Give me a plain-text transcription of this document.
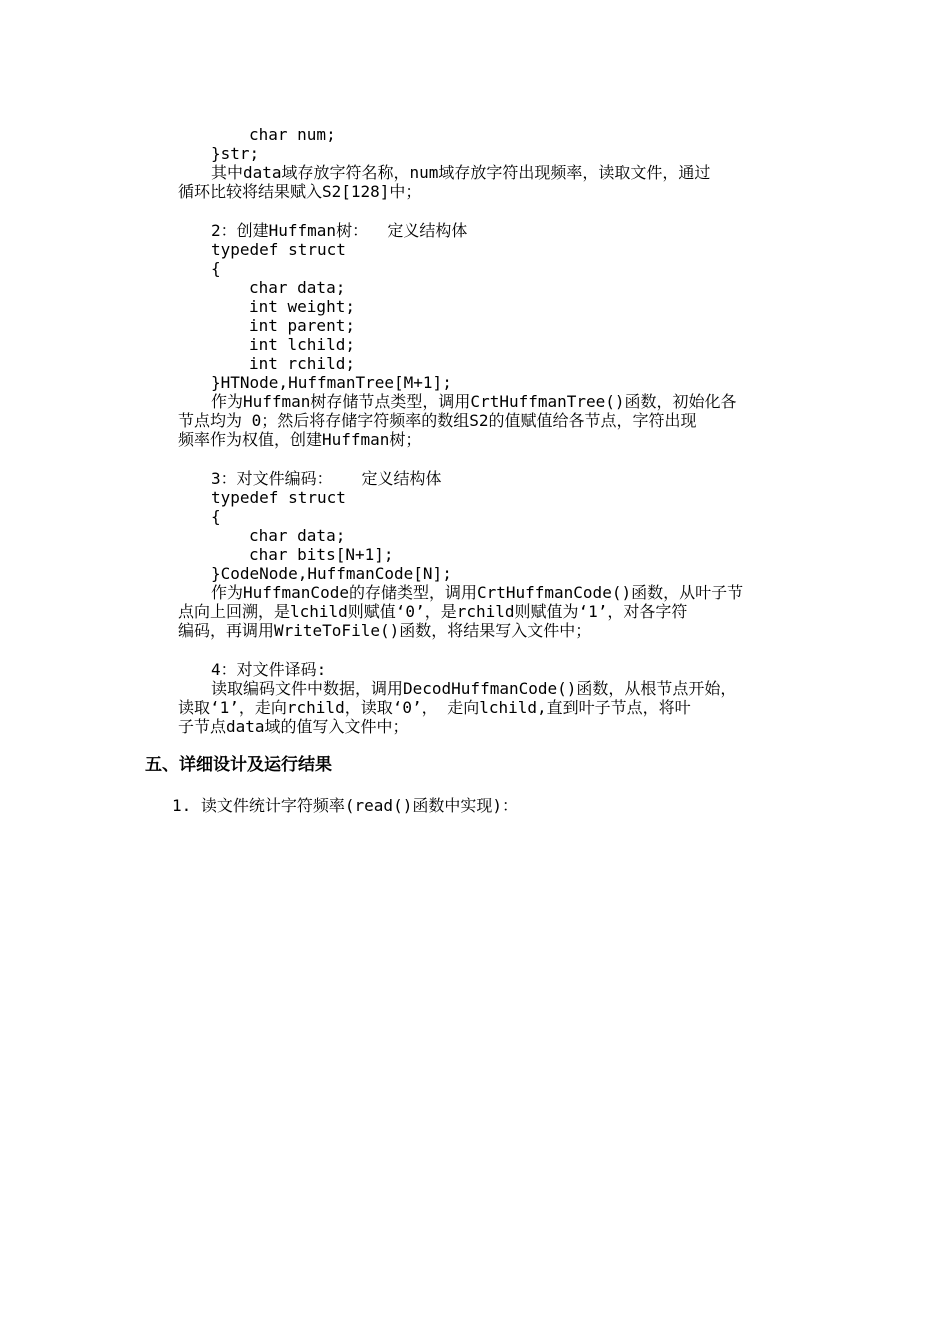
char num;
}str;
其中data域存放字符名称，num域存放字符出现频率，读取文件，通过
循环比较将结果赋入S2[128]中；
2：创建Huffman树：  定义结构体
typedef struct
{
char data;
int weight;
int parent;
int lchild;
int rchild;
}HTNode,HuffmanTree[M+1];
作为Huffman树存储节点类型，调用CrtHuffmanTree()函数，初始化各
节点均为 0；然后将存储字符频率的数组S2的值赋值给各节点，字符出现
频率作为权值，创建Huffman树；
3：对文件编码：   定义结构体
typedef struct
{
char data;
char bits[N+1];
}CodeNode,HuffmanCode[N];
作为HuffmanCode的存储类型，调用CrtHuffmanCode()函数，从叶子节
点向上回溯，是lchild则赋值‘0’，是rchild则赋值为‘1’，对各字符
编码，再调用WriteToFile()函数，将结果写入文件中；
4：对文件译码:
读取编码文件中数据，调用DecodHuffmanCode()函数，从根节点开始，
读取‘1’，走向rchild，读取‘0’， 走向lchild,直到叶子节点，将叶
子节点data域的值写入文件中；
五、详细设计及运行结果
1. 读文件统计字符频率(read()函数中实现)：
